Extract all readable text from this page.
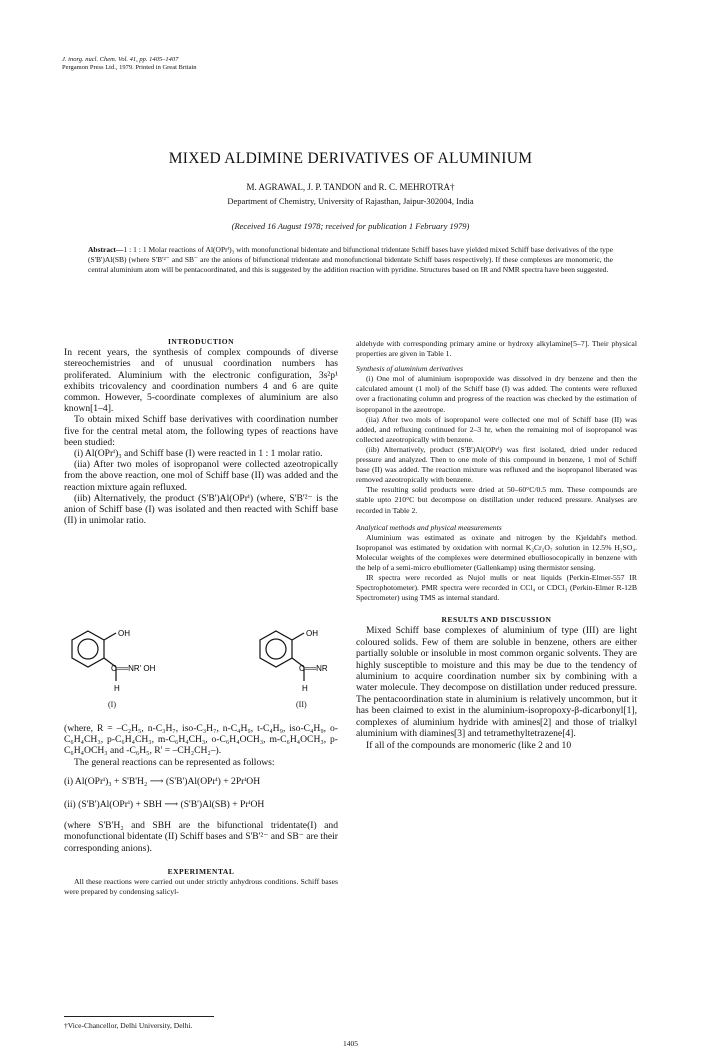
J. inorg. nucl. Chem. Vol. 41, pp. 1405–1407
Pergamon Press Ltd., 1979. Printed in Great Britain
MIXED ALDIMINE DERIVATIVES OF ALUMINIUM
M. AGRAWAL, J. P. TANDON and R. C. MEHROTRA†
Department of Chemistry, University of Rajasthan, Jaipur-302004, India
(Received 16 August 1978; received for publication 1 February 1979)
Abstract—1 : 1 : 1 Molar reactions of Al(OPrⁱ)₃ with monofunctional bidentate and bifunctional tridentate Schiff bases have yielded mixed Schiff base derivatives of the type (S'B')Al(SB) (where S'B'²⁻ and SB⁻ are the anions of bifunctional tridentate and monofunctional bidentate Schiff bases respectively). If these complexes are monomeric, the central aluminium atom will be pentacoordinated, and this is suggested by the addition reaction with pyridine. Structures based on IR and NMR spectra have been suggested.

INTRODUCTION

In recent years, the synthesis of complex compounds of diverse stereochemistries and of unusual coordination numbers has proliferated. Aluminium with the electronic configuration, 3s²p¹ exhibits tricovalency and coordination numbers 4 and 6 are quite common. However, 5-coordinate complexes of aluminium are also known[1–4].

To obtain mixed Schiff base derivatives with coordination number five for the central metal atom, the following types of reactions have been studied:

(i) Al(OPrⁱ)₃ and Schiff base (I) were reacted in 1 : 1 molar ratio.

(iia) After two moles of isopropanol were collected azeotropically from the above reaction, one mol of Schiff base (II) was added and the reaction mixture again refluxed.

(iib) Alternatively, the product (S'B')Al(OPrⁱ) (where, S'B'²⁻ is the anion of Schiff base (I) was isolated and then reacted with Schiff base (II) in unimolar ratio.

OH
C══NR' OH
H
OH
C══NR
H
(I)	(II)

(where, R = –C₂H₅, n-C₃H₇, iso-C₃H₇, n-C₄H₉, t-C₄H₉, iso-C₄H₉, o-C₆H₄CH₃, p-C₆H₄CH₃, m-C₆H₄CH₃, o-C₆H₄OCH₃, m-C₆H₄OCH₃, p-C₆H₄OCH₃ and -C₆H₅, R' = –CH₂CH₂–).

The general reactions can be represented as follows:

(i) Al(OPrⁱ)₃ + S'B'H₂ ⟶ (S'B')Al(OPrⁱ) + 2PrⁱOH

(ii) (S'B')Al(OPrⁱ) + SBH ⟶ (S'B')Al(SB) + PrⁱOH

(where S'B'H₂ and SBH are the bifunctional tridentate(I) and monofunctional bidentate (II) Schiff bases and S'B'²⁻ and SB⁻ are their corresponding anions).

EXPERIMENTAL

All these reactions were carried out under strictly anhydrous conditions. Schiff bases were prepared by condensing salicyl-

aldehyde with corresponding primary amine or hydroxy alkylamine[5–7]. Their physical properties are given in Table 1.

Synthesis of aluminium derivatives

(i) One mol of aluminium isopropoxide was dissolved in dry benzene and then the calculated amount (1 mol) of the Schiff base (I) was added. The contents were refluxed over a fractionating column and progress of the reaction was checked by the estimation of isopropanol in the azeotrope.

(iia) After two mols of isopropanol were collected one mol of Schiff base (II) was added, and refluxing continued for 2–3 hr, when the remaining mol of isopropanol was collected azeotropically with benzene.

(iib) Alternatively, product (S'B')Al(OPrⁱ) was first isolated, dried under reduced pressure and analyzed. Then to one mole of this compound in benzene, 1 mol of Schiff base (II) was added. The reaction mixture was refluxed and the isopropanol liberated was removed azeotropically with benzene.

The resulting solid products were dried at 50–60°C/0.5 mm. These compounds are stable upto 210°C but decompose on distillation under reduced pressure. Analyses are recorded in Table 2.

Analytical methods and physical measurements

Aluminium was estimated as oxinate and nitrogen by the Kjeldahl's method. Isopropanol was estimated by oxidation with normal K₂Cr₂O₇ solution in 12.5% H₂SO₄. Molecular weights of the complexes were determined ebulliosocopically in benzene with the help of a semi-micro ebulliometer (Gallenkamp) using thermistor sensing.

IR spectra were recorded as Nujol mulls or neat liquids (Perkin-Elmer-557 IR Spectrophotometer). PMR spectra were recorded in CCl₄ or CDCl₃ (Perkin-Elmer R-12B Spectrometer) using TMS as internal standard.

RESULTS AND DISCUSSION

Mixed Schiff base complexes of aluminium of type (III) are light coloured solids. Few of them are soluble in benzene, others are either partially soluble or insoluble in most common organic solvents. They are highly susceptible to moisture and this may be due to the tendency of aluminium to acquire coordination number six by combining with a water molecule. They decompose on distillation under reduced pressure. The pentacoordination state in aluminium is relatively uncommon, but it has been claimed to exist in the aluminium-isopropoxy-β-dicarbonyl[1], complexes of aluminium hydride with amines[2] and those of trialkyl aluminium with diamines[3] and tetramethyltetrazene[4].

If all of the compounds are monomeric (like 2 and 10

†Vice-Chancellor, Delhi University, Delhi.
1405
